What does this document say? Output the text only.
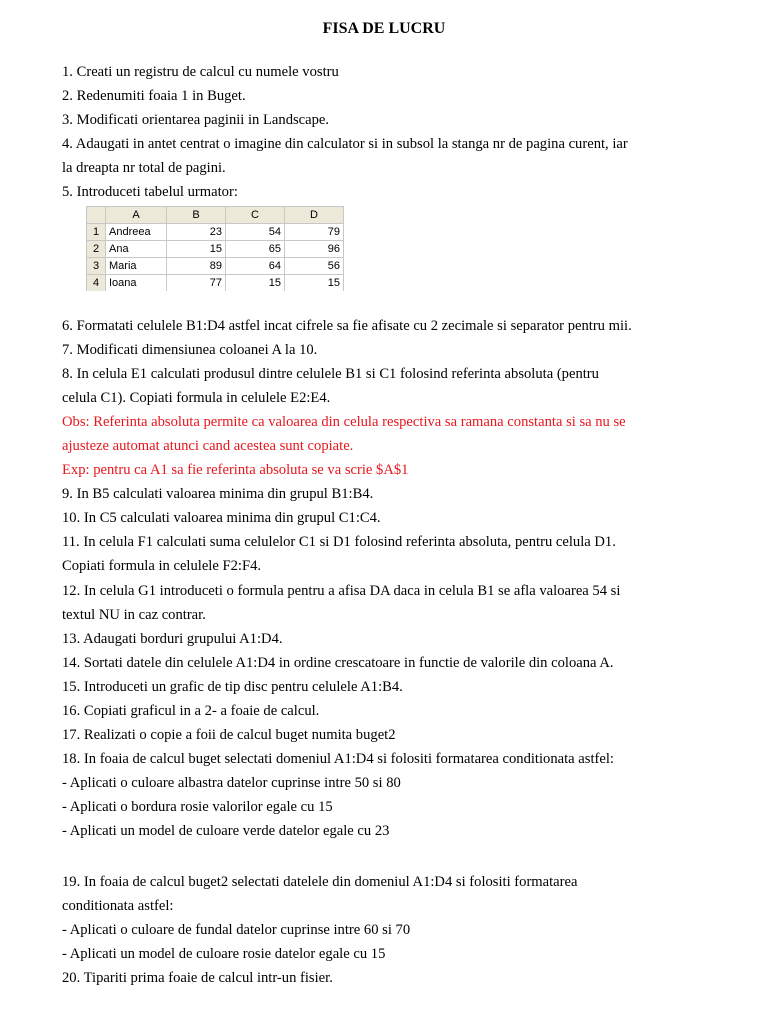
FISA DE LUCRU
1. Creati un registru de calcul cu numele vostru
2. Redenumiti foaia 1 in Buget.
3. Modificati orientarea paginii in Landscape.
4. Adaugati in antet centrat o imagine din calculator si in subsol la stanga nr de pagina curent, iar
la dreapta nr total de pagini.
5. Introduceti tabelul urmator:
	A	B	C	D
1	Andreea	23	54	79
2	Ana	15	65	96
3	Maria	89	64	56
4	Ioana	77	15	15
6. Formatati celulele B1:D4 astfel incat cifrele sa fie afisate cu 2 zecimale si separator pentru mii.
7. Modificati dimensiunea coloanei A la 10.
8. In celula E1 calculati produsul dintre celulele B1 si C1 folosind referinta absoluta (pentru
celula C1). Copiati formula in celulele E2:E4.
Obs: Referinta absoluta permite ca valoarea din celula respectiva sa ramana constanta si sa nu se
ajusteze automat atunci cand acestea sunt copiate.
Exp: pentru ca A1 sa fie referinta absoluta se va scrie $A$1
9. In B5 calculati valoarea minima din grupul B1:B4.
10. In C5 calculati valoarea minima din grupul C1:C4.
11. In celula F1 calculati suma celulelor C1 si D1 folosind referinta absoluta, pentru celula D1.
Copiati formula in celulele F2:F4.
12. In celula G1 introduceti o formula pentru a afisa DA daca in celula B1 se afla valoarea 54 si
textul NU in caz contrar.
13. Adaugati borduri grupului A1:D4.
14. Sortati datele din celulele A1:D4 in ordine crescatoare in functie de valorile din coloana A.
15. Introduceti un grafic de tip disc pentru celulele A1:B4.
16. Copiati graficul in a 2- a foaie de calcul.
17. Realizati o copie a foii de calcul buget numita buget2
18. In foaia de calcul buget selectati domeniul A1:D4 si folositi formatarea conditionata astfel:
- Aplicati o culoare albastra datelor cuprinse intre 50 si 80
- Aplicati o bordura rosie valorilor egale cu 15
- Aplicati un model de culoare verde datelor egale cu 23
19. In foaia de calcul buget2 selectati datelele din domeniul A1:D4 si folositi formatarea
conditionata astfel:
- Aplicati o culoare de fundal datelor cuprinse intre 60 si 70
- Aplicati un model de culoare rosie datelor egale cu 15
20. Tipariti prima foaie de calcul intr-un fisier.
